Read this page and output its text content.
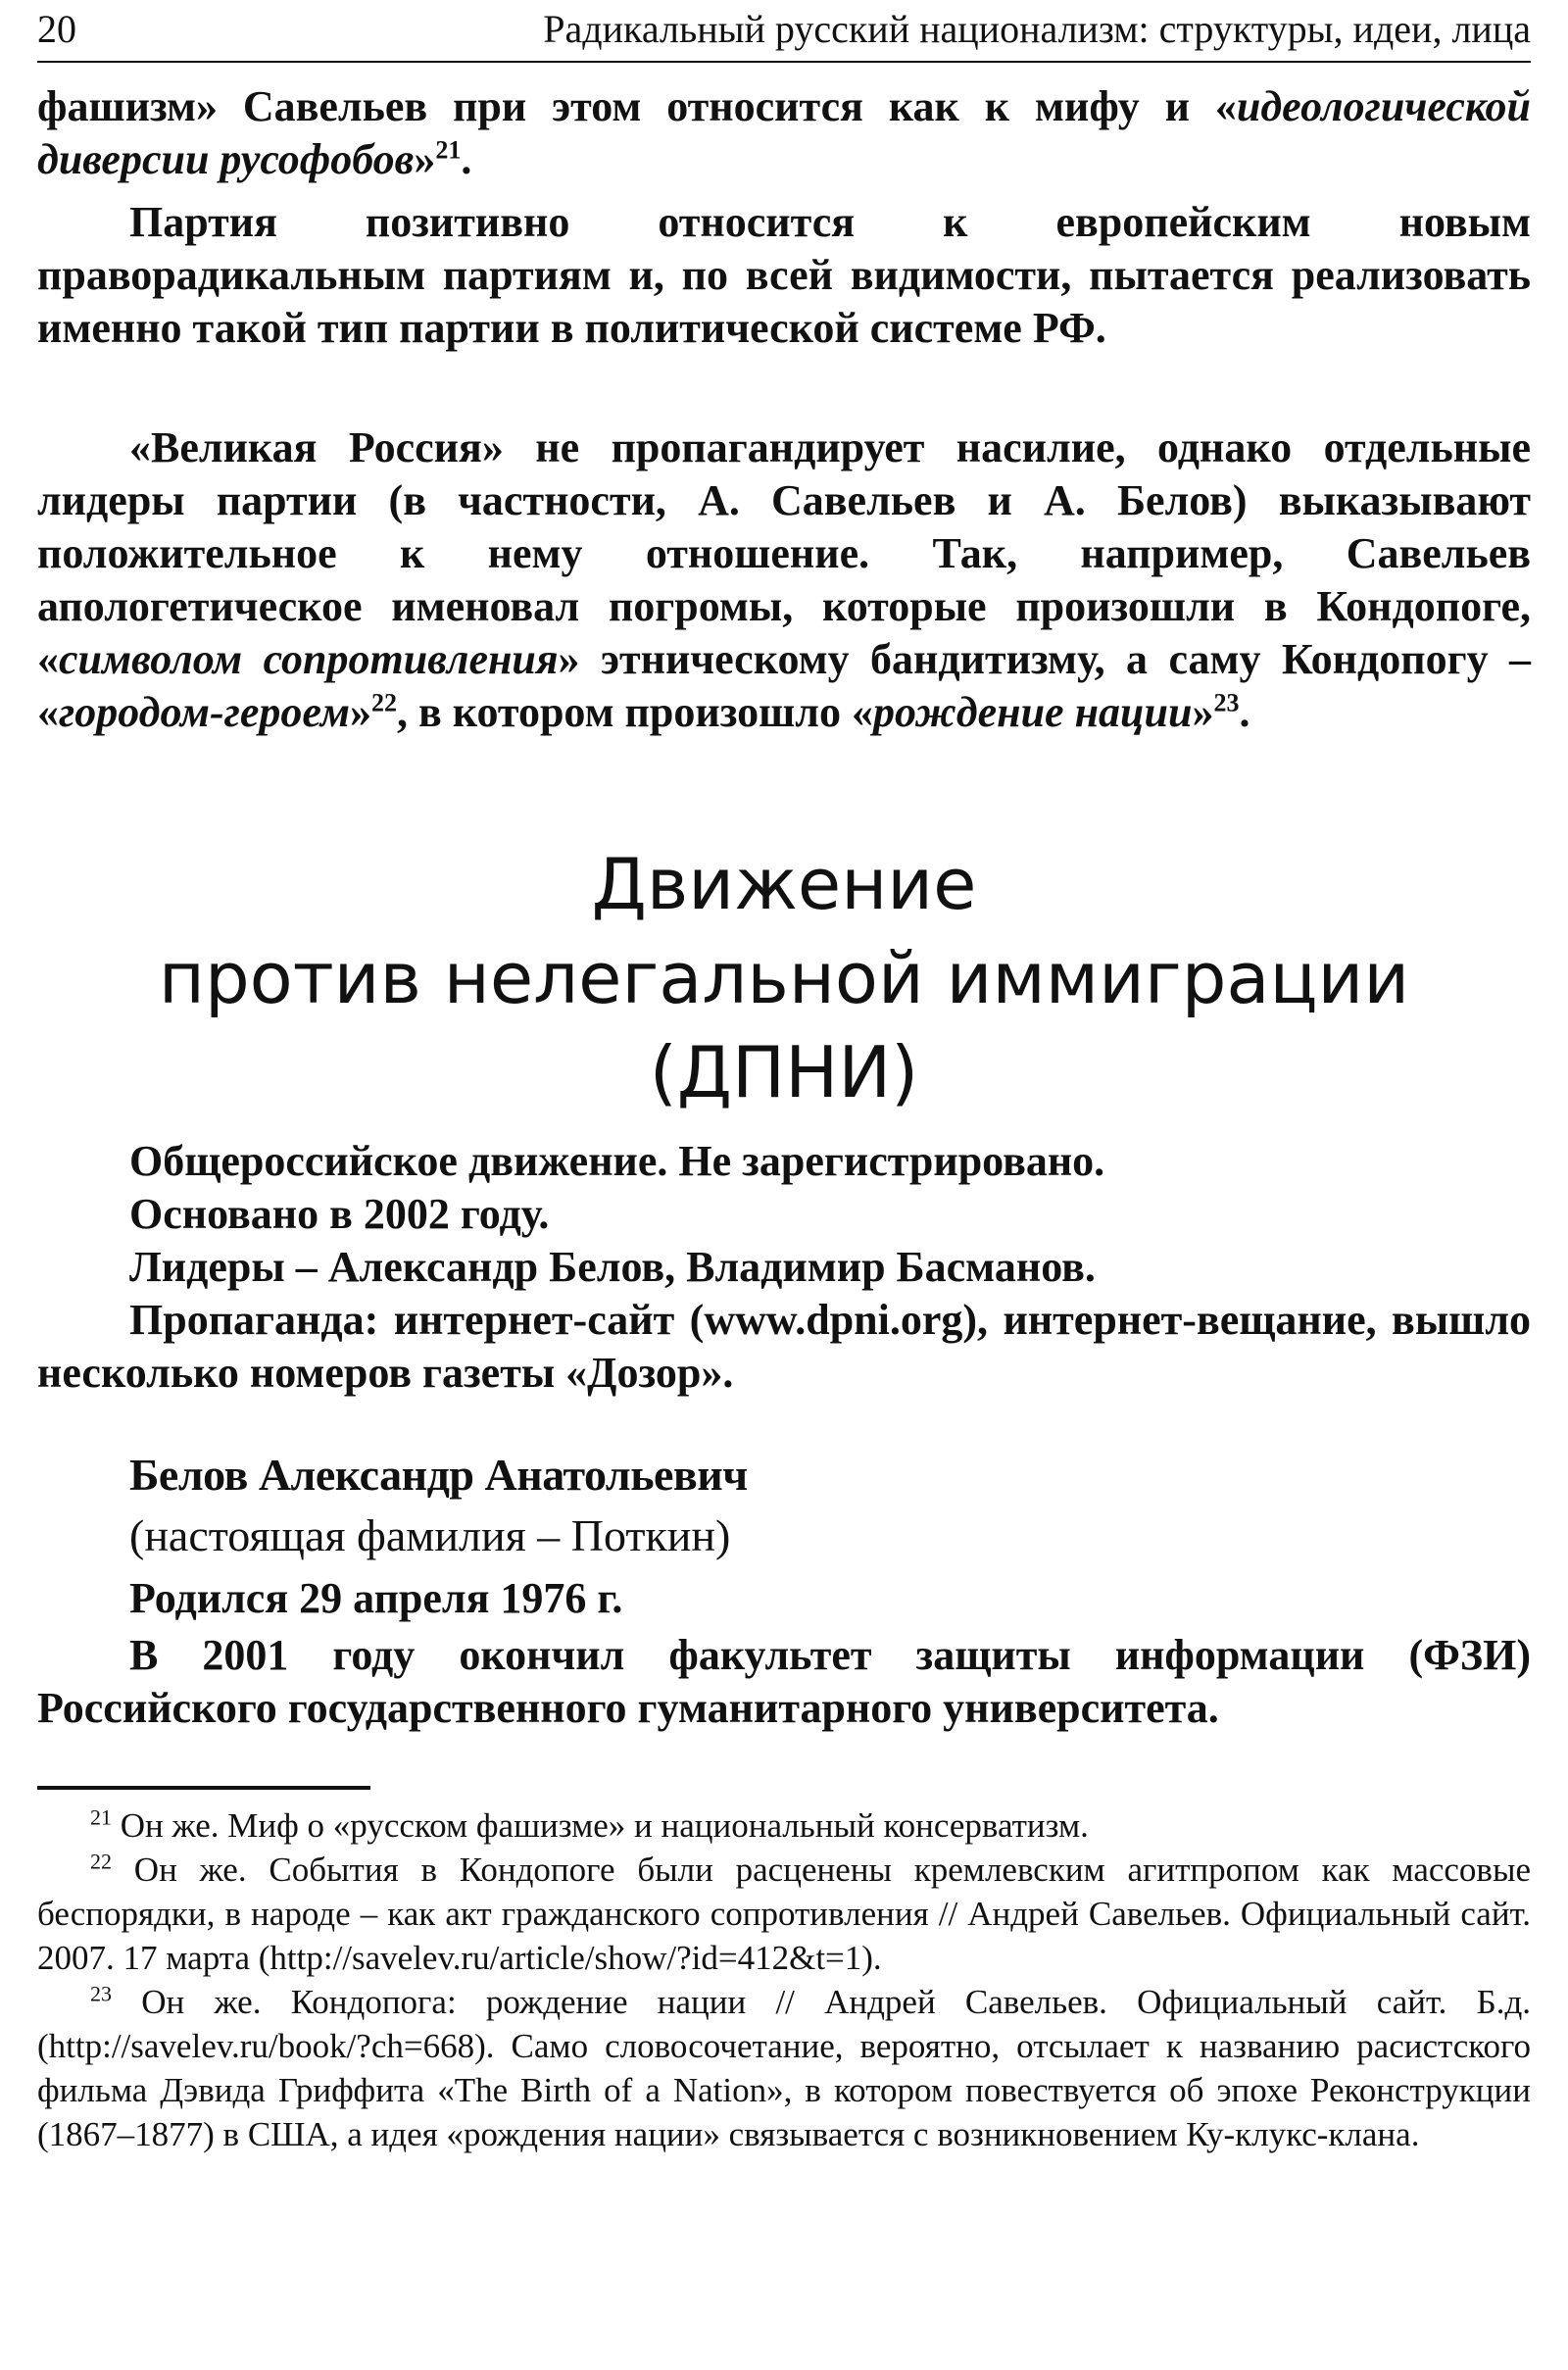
20	Радикальный русский национализм: структуры, идеи, лица

фашизм» Савельев при этом относится как к мифу и «идеологической диверсии русофобов»$^{21}$.

Партия позитивно относится к европейским новым праворадикальным партиям и, по всей видимости, пытается реализовать именно такой тип партии в политической системе РФ.

«Великая Россия» не пропагандирует насилие, однако отдельные лидеры партии (в частности, А. Савельев и А. Белов) выказывают положительное к нему отношение. Так, например, Савельев апологетическое именовал погромы, которые произошли в Кондопоге, «символом сопротивления» этническому бандитизму, а саму Кондопогу – «городом-героем»$^{22}$, в котором произошло «рождение нации»$^{23}$.

Движение

против нелегальной иммиграции

(ДПНИ)

Общероссийское движение. Не зарегистрировано.

Основано в 2002 году.

Лидеры – Александр Белов, Владимир Басманов.

Пропаганда: интернет-сайт (www.dpni.org), интернет-вещание, вышло несколько номеров газеты «Дозор».

Белов Александр Анатольевич
(настоящая фамилия – Поткин)

Родился 29 апреля 1976 г.

В 2001 году окончил факультет защиты информации (ФЗИ) Российского государственного гуманитарного университета.

$^{21}$ Он же. Миф о «русском фашизме» и национальный консерватизм.

$^{22}$ Он же. События в Кондопоге были расценены кремлевским агитпропом как массовые беспорядки, в народе – как акт гражданского сопротивления // Андрей Савельев. Официальный сайт. 2007. 17 марта (http://savelev.ru/article/show/?id=412&t=1).

$^{23}$ Он же. Кондопога: рождение нации // Андрей Савельев. Официальный сайт. Б.д. (http://savelev.ru/book/?ch=668). Само словосочетание, вероятно, отсылает к названию расистского фильма Дэвида Гриффита «The Birth of a Nation», в котором повествуется об эпохе Реконструкции (1867–1877) в США, а идея «рождения нации» связывается с возникновением Ку-клукс-клана.
